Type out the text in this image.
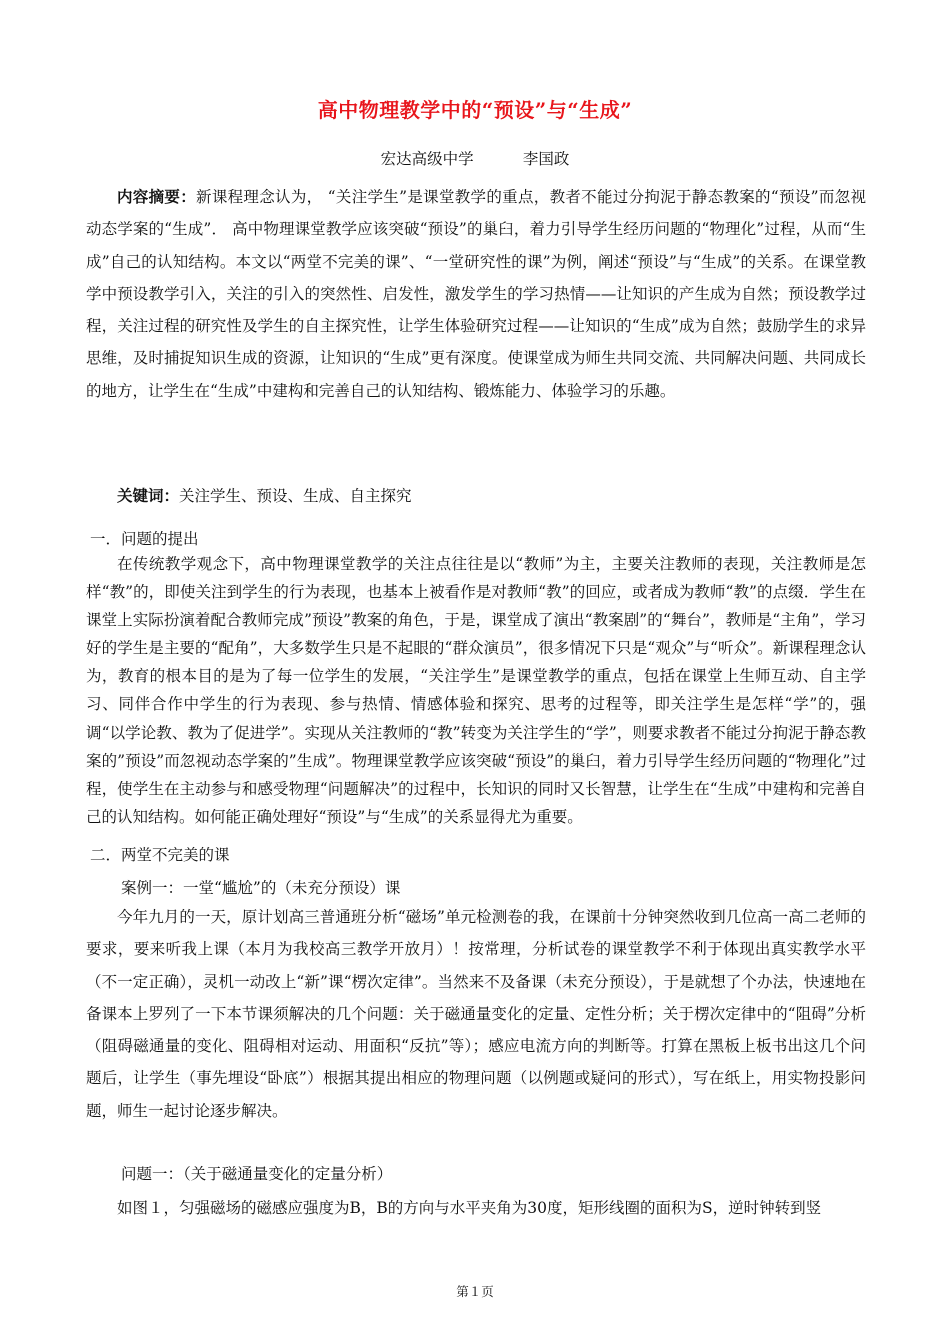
高中物理教学中的“预设”与“生成”
宏达高级中学          李国政
内容摘要：新课程理念认为， “关注学生”是课堂教学的重点，教者不能过分拘泥于静态教案的“预设”而忽视动态学案的“生成”． 高中物理课堂教学应该突破“预设”的巢臼，着力引导学生经历问题的“物理化”过程，从而“生成”自己的认知结构。本文以“两堂不完美的课”、“一堂研究性的课”为例，阐述“预设”与“生成”的关系。在课堂教学中预设教学引入，关注的引入的突然性、启发性，激发学生的学习热情——让知识的产生成为自然；预设教学过程，关注过程的研究性及学生的自主探究性，让学生体验研究过程——让知识的“生成”成为自然；鼓励学生的求异思维，及时捕捉知识生成的资源，让知识的“生成”更有深度。使课堂成为师生共同交流、共同解决问题、共同成长的地方，让学生在“生成”中建构和完善自己的认知结构、锻炼能力、体验学习的乐趣。
关键词：关注学生、预设、生成、自主探究
一．问题的提出
在传统教学观念下，高中物理课堂教学的关注点往往是以“教师”为主，主要关注教师的表现，关注教师是怎样“教”的，即使关注到学生的行为表现，也基本上被看作是对教师“教”的回应，或者成为教师“教”的点缀．学生在课堂上实际扮演着配合教师完成”预设”教案的角色，于是，课堂成了演出“教案剧”的“舞台”，教师是“主角”，学习好的学生是主要的“配角”，大多数学生只是不起眼的“群众演员”，很多情况下只是“观众”与“听众”。新课程理念认为，教育的根本目的是为了每一位学生的发展，“关注学生”是课堂教学的重点，包括在课堂上生师互动、自主学习、同伴合作中学生的行为表现、参与热情、情感体验和探究、思考的过程等，即关注学生是怎样“学”的，强调“以学论教、教为了促进学”。实现从关注教师的“教”转变为关注学生的“学”，则要求教者不能过分拘泥于静态教案的”预设”而忽视动态学案的”生成”。物理课堂教学应该突破“预设”的巢臼，着力引导学生经历问题的“物理化”过程，使学生在主动参与和感受物理“问题解决”的过程中，长知识的同时又长智慧，让学生在“生成”中建构和完善自己的认知结构。如何能正确处理好“预设”与“生成”的关系显得尤为重要。
二．两堂不完美的课
案例一：一堂“尴尬”的（未充分预设）课
今年九月的一天，原计划高三普通班分析“磁场”单元检测卷的我，在课前十分钟突然收到几位高一高二老师的要求，要来听我上课（本月为我校高三教学开放月）！按常理，分析试卷的课堂教学不利于体现出真实教学水平（不一定正确），灵机一动改上“新”课“楞次定律”。当然来不及备课（未充分预设），于是就想了个办法，快速地在备课本上罗列了一下本节课须解决的几个问题：关于磁通量变化的定量、定性分析；关于楞次定律中的“阻碍”分析（阻碍磁通量的变化、阻碍相对运动、用面积“反抗”等）；感应电流方向的判断等。打算在黑板上板书出这几个问题后，让学生（事先埋设“卧底”）根据其提出相应的物理问题（以例题或疑问的形式），写在纸上，用实物投影问题，师生一起讨论逐步解决。
问题一：（关于磁通量变化的定量分析）
如图１，匀强磁场的磁感应强度为B，B的方向与水平夹角为30度，矩形线圈的面积为S，逆时钟转到竖
第１页
